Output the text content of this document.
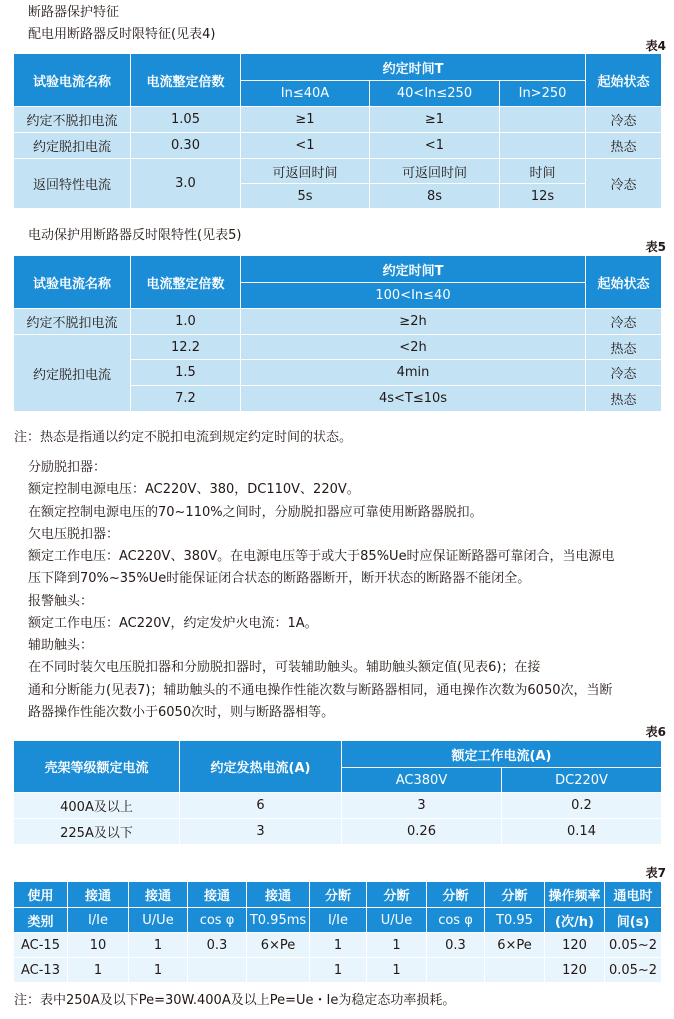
断路器保护特征
配电用断路器反时限特征(见表4)
表4
试验电流名称	电流整定倍数	约定时间T			起始状态
		In≤40A	40<In≤250	In>250	
约定不脱扣电流	1.05	≥1	≥1		冷态
约定脱扣电流	0.30	<1	<1		热态
返回特性电流	3.0	可返回时间	可返回时间	时间	冷态
		5s	8s	12s	
电动保护用断路器反时限特性(见表5)
表5
试验电流名称	电流整定倍数	约定时间T	起始状态
		100<In≤40	
约定不脱扣电流	1.0	≥2h	冷态
约定脱扣电流	12.2	<2h	热态
	1.5	4min	冷态
	7.2	4s<T≤10s	热态
注：热态是指通以约定不脱扣电流到规定约定时间的状态。
分励脱扣器：
额定控制电源电压：AC220V、380，DC110V、220V。
在额定控制电源电压的70~110%之间时，分励脱扣器应可靠使用断路器脱扣。
欠电压脱扣器：
额定工作电压：AC220V、380V。在电源电压等于或大于85%Ue时应保证断路器可靠闭合，当电源电
压下降到70%~35%Ue时能保证闭合状态的断路器断开，断开状态的断路器不能闭全。
报警触头：
额定工作电压：AC220V，约定发炉火电流：1A。
辅助触头：
在不同时装欠电压脱扣器和分励脱扣器时，可装辅助触头。辅助触头额定值(见表6)；在接
通和分断能力(见表7)；辅助触头的不通电操作性能次数与断路器相同，通电操作次数为6050次，当断
路器操作性能次数小于6050次时，则与断路器相等。
表6
壳架等级额定电流	约定发热电流(A)	额定工作电流(A)	
		AC380V	DC220V
400A及以上	6	3	0.2
225A及以下	3	0.26	0.14
表7
使用	接通	接通	接通	接通	分断	分断	分断	分断	操作频率	通电时
类别	I/Ie	U/Ue	cos φ	T0.95ms	I/Ie	U/Ue	cos φ	T0.95	(次/h)	间(s)
AC-15	10	1	0.3	6×Pe	1	1	0.3	6×Pe	120	0.05~2
AC-13	1	1			1	1			120	0.05~2
注：表中250A及以下Pe=30W.400A及以上Pe=Ue・Ie为稳定态功率损耗。
